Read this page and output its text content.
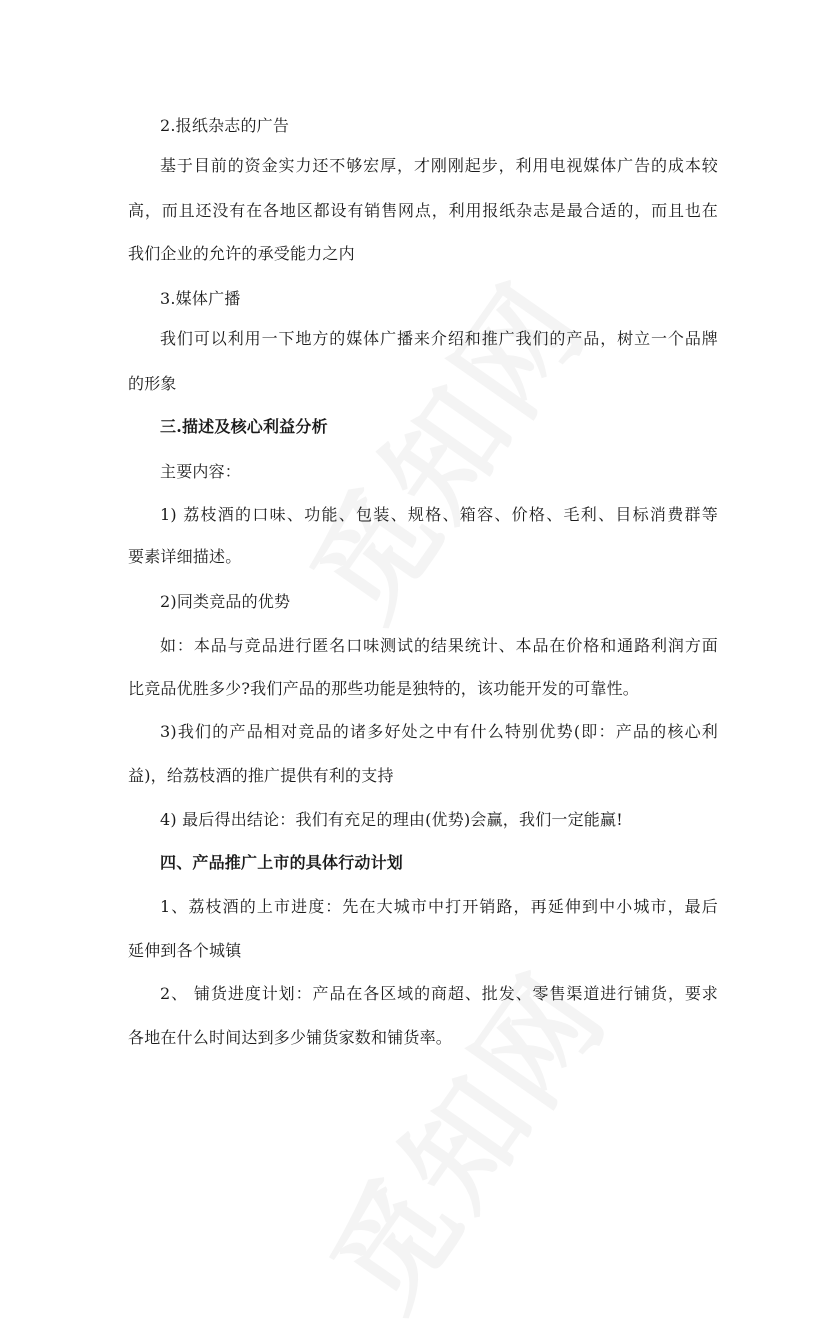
2.报纸杂志的广告
基于目前的资金实力还不够宏厚，才刚刚起步，利用电视媒体广告的成本较
高，而且还没有在各地区都设有销售网点，利用报纸杂志是最合适的，而且也在
我们企业的允许的承受能力之内
3.媒体广播
我们可以利用一下地方的媒体广播来介绍和推广我们的产品，树立一个品牌
的形象
三.描述及核心利益分析
主要内容：
1) 荔枝酒的口味、功能、包装、规格、箱容、价格、毛利、目标消费群等
要素详细描述。
2)同类竞品的优势
如：本品与竞品进行匿名口味测试的结果统计、本品在价格和通路利润方面
比竞品优胜多少?我们产品的那些功能是独特的，该功能开发的可靠性。
3)我们的产品相对竞品的诸多好处之中有什么特别优势(即：产品的核心利
益)，给荔枝酒的推广提供有利的支持
4) 最后得出结论：我们有充足的理由(优势)会赢，我们一定能赢!
四、产品推广上市的具体行动计划
1、荔枝酒的上市进度：先在大城市中打开销路，再延伸到中小城市，最后
延伸到各个城镇
2、 铺货进度计划：产品在各区域的商超、批发、零售渠道进行铺货，要求
各地在什么时间达到多少铺货家数和铺货率。
